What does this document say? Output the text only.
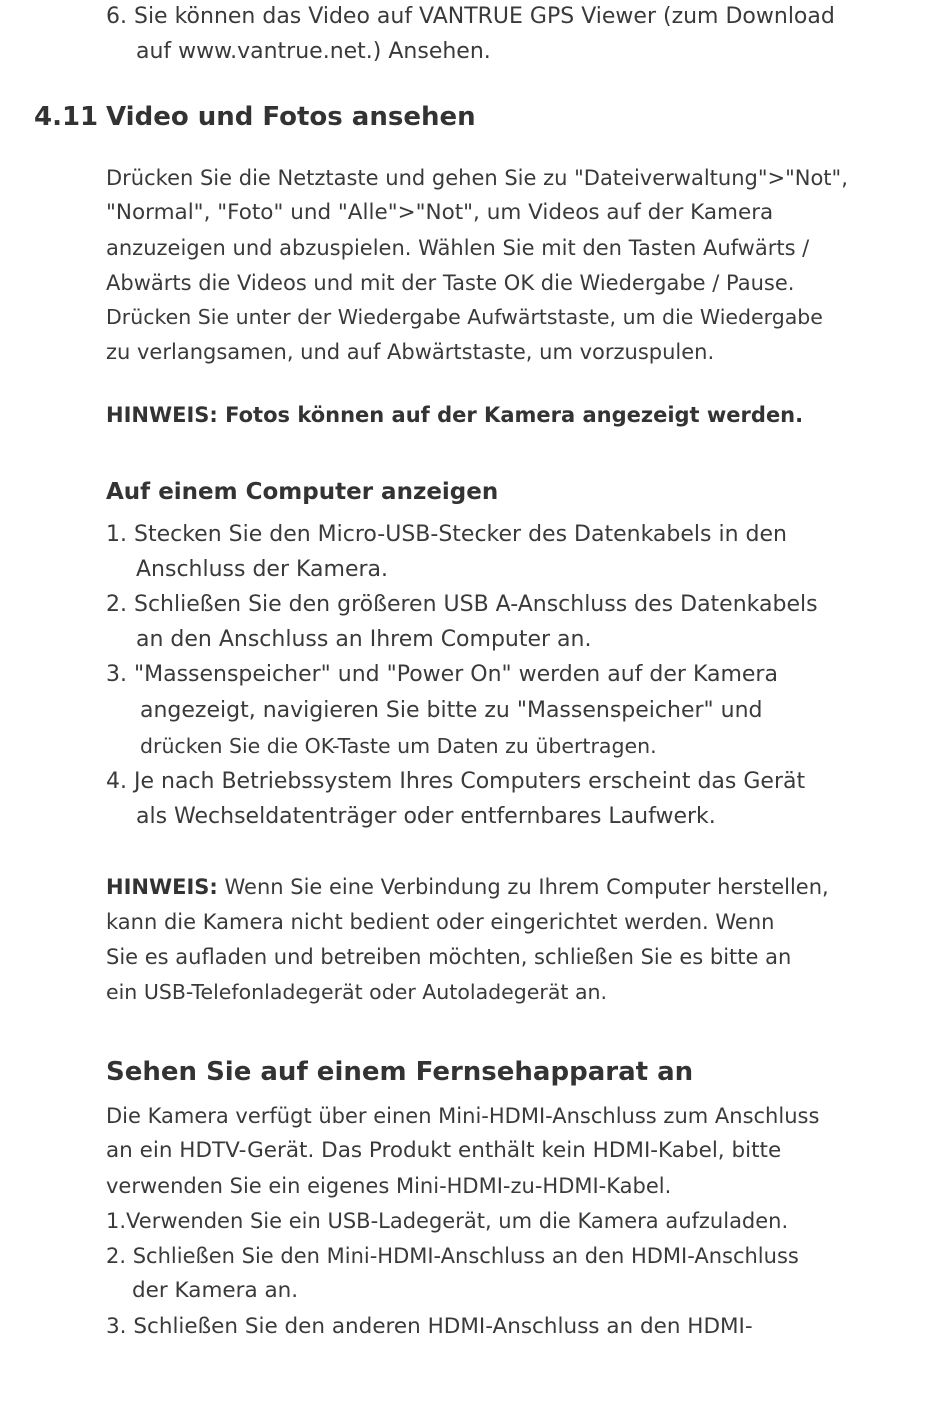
6. Sie können das Video auf VANTRUE GPS Viewer (zum Download
auf www.vantrue.net.) Ansehen.
4.11 Video und Fotos ansehen
Drücken Sie die Netztaste und gehen Sie zu "Dateiverwaltung">"Not",
"Normal", "Foto" und "Alle">"Not", um Videos auf der Kamera
anzuzeigen und abzuspielen. Wählen Sie mit den Tasten Aufwärts /
Abwärts die Videos und mit der Taste OK die Wiedergabe / Pause.
Drücken Sie unter der Wiedergabe Aufwärtstaste, um die Wiedergabe
zu verlangsamen, und auf Abwärtstaste, um vorzuspulen.
HINWEIS: Fotos können auf der Kamera angezeigt werden.
Auf einem Computer anzeigen
1. Stecken Sie den Micro-USB-Stecker des Datenkabels in den
Anschluss der Kamera.
2. Schließen Sie den größeren USB A-Anschluss des Datenkabels
an den Anschluss an Ihrem Computer an.
3. "Massenspeicher" und "Power On" werden auf der Kamera
angezeigt, navigieren Sie bitte zu "Massenspeicher" und
drücken Sie die OK-Taste um Daten zu übertragen.
4. Je nach Betriebssystem Ihres Computers erscheint das Gerät
als Wechseldatenträger oder entfernbares Laufwerk.
HINWEIS: Wenn Sie eine Verbindung zu Ihrem Computer herstellen,
kann die Kamera nicht bedient oder eingerichtet werden. Wenn
Sie es aufladen und betreiben möchten, schließen Sie es bitte an
ein USB-Telefonladegerät oder Autoladegerät an.
Sehen Sie auf einem Fernsehapparat an
Die Kamera verfügt über einen Mini-HDMI-Anschluss zum Anschluss
an ein HDTV-Gerät. Das Produkt enthält kein HDMI-Kabel, bitte
verwenden Sie ein eigenes Mini-HDMI-zu-HDMI-Kabel.
1.Verwenden Sie ein USB-Ladegerät, um die Kamera aufzuladen.
2. Schließen Sie den Mini-HDMI-Anschluss an den HDMI-Anschluss
der Kamera an.
3. Schließen Sie den anderen HDMI-Anschluss an den HDMI-
